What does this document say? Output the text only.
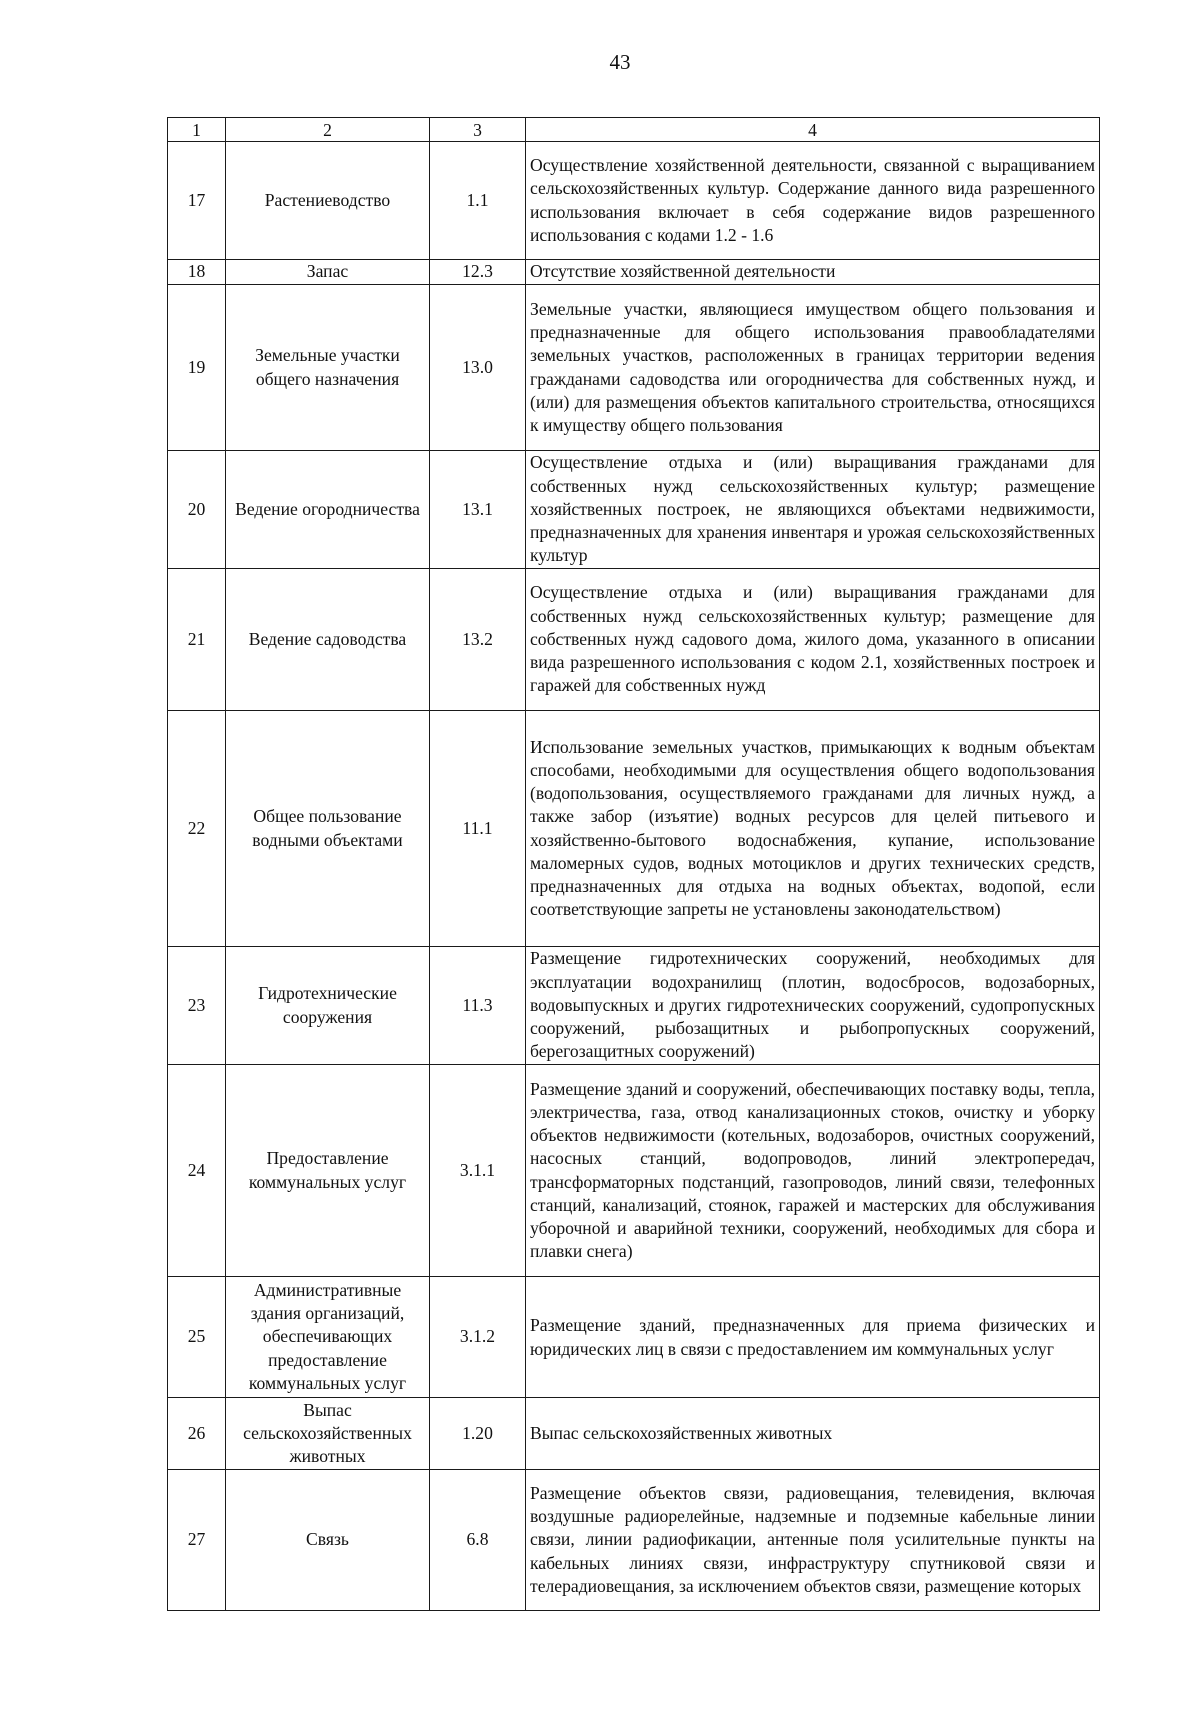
43
1	2	3	4
17	Растениеводство	1.1	Осуществление хозяйственной деятельности, связанной с выращиванием сельскохозяйственных культур. Содержание данного вида разрешенного использования включает в себя содержание видов разрешенного использования с кодами 1.2 - 1.6
18	Запас	12.3	Отсутствие хозяйственной деятельности
19	Земельные участки общего назначения	13.0	Земельные участки, являющиеся имуществом общего пользования и предназначенные для общего использования правообладателями земельных участков, расположенных в границах территории ведения гражданами садоводства или огородничества для собственных нужд, и (или) для размещения объектов капитального строительства, относящихся к имуществу общего пользования
20	Ведение огородничества	13.1	Осуществление отдыха и (или) выращивания гражданами для собственных нужд сельскохозяйственных культур; размещение хозяйственных построек, не являющихся объектами недвижимости, предназначенных для хранения инвентаря и урожая сельскохозяйственных культур
21	Ведение садоводства	13.2	Осуществление отдыха и (или) выращивания гражданами для собственных нужд сельскохозяйственных культур; размещение для собственных нужд садового дома, жилого дома, указанного в описании вида разрешенного использования с кодом 2.1, хозяйственных построек и гаражей для собственных нужд
22	Общее пользование водными объектами	11.1	Использование земельных участков, примыкающих к водным объектам способами, необходимыми для осуществления общего водопользования (водопользования, осуществляемого гражданами для личных нужд, а также забор (изъятие) водных ресурсов для целей питьевого и хозяйственно-бытового водоснабжения, купание, использование маломерных судов, водных мотоциклов и других технических средств, предназначенных для отдыха на водных объектах, водопой, если соответствующие запреты не установлены законодательством)
23	Гидротехнические сооружения	11.3	Размещение гидротехнических сооружений, необходимых для эксплуатации водохранилищ (плотин, водосбросов, водозаборных, водовыпускных и других гидротехнических сооружений, судопропускных сооружений, рыбозащитных и рыбопропускных сооружений, берегозащитных сооружений)
24	Предоставление коммунальных услуг	3.1.1	Размещение зданий и сооружений, обеспечивающих поставку воды, тепла, электричества, газа, отвод канализационных стоков, очистку и уборку объектов недвижимости (котельных, водозаборов, очистных сооружений, насосных станций, водопроводов, линий электропередач, трансформаторных подстанций, газопроводов, линий связи, телефонных станций, канализаций, стоянок, гаражей и мастерских для обслуживания уборочной и аварийной техники, сооружений, необходимых для сбора и плавки снега)
25	Административные здания организаций, обеспечивающих предоставление коммунальных услуг	3.1.2	Размещение зданий, предназначенных для приема физических и юридических лиц в связи с предоставлением им коммунальных услуг
26	Выпас сельскохозяйственных животных	1.20	Выпас сельскохозяйственных животных
27	Связь	6.8	Размещение объектов связи, радиовещания, телевидения, включая воздушные радиорелейные, надземные и подземные кабельные линии связи, линии радиофикации, антенные поля усилительные пункты на кабельных линиях связи, инфраструктуру спутниковой связи и телерадиовещания, за исключением объектов связи, размещение которых
